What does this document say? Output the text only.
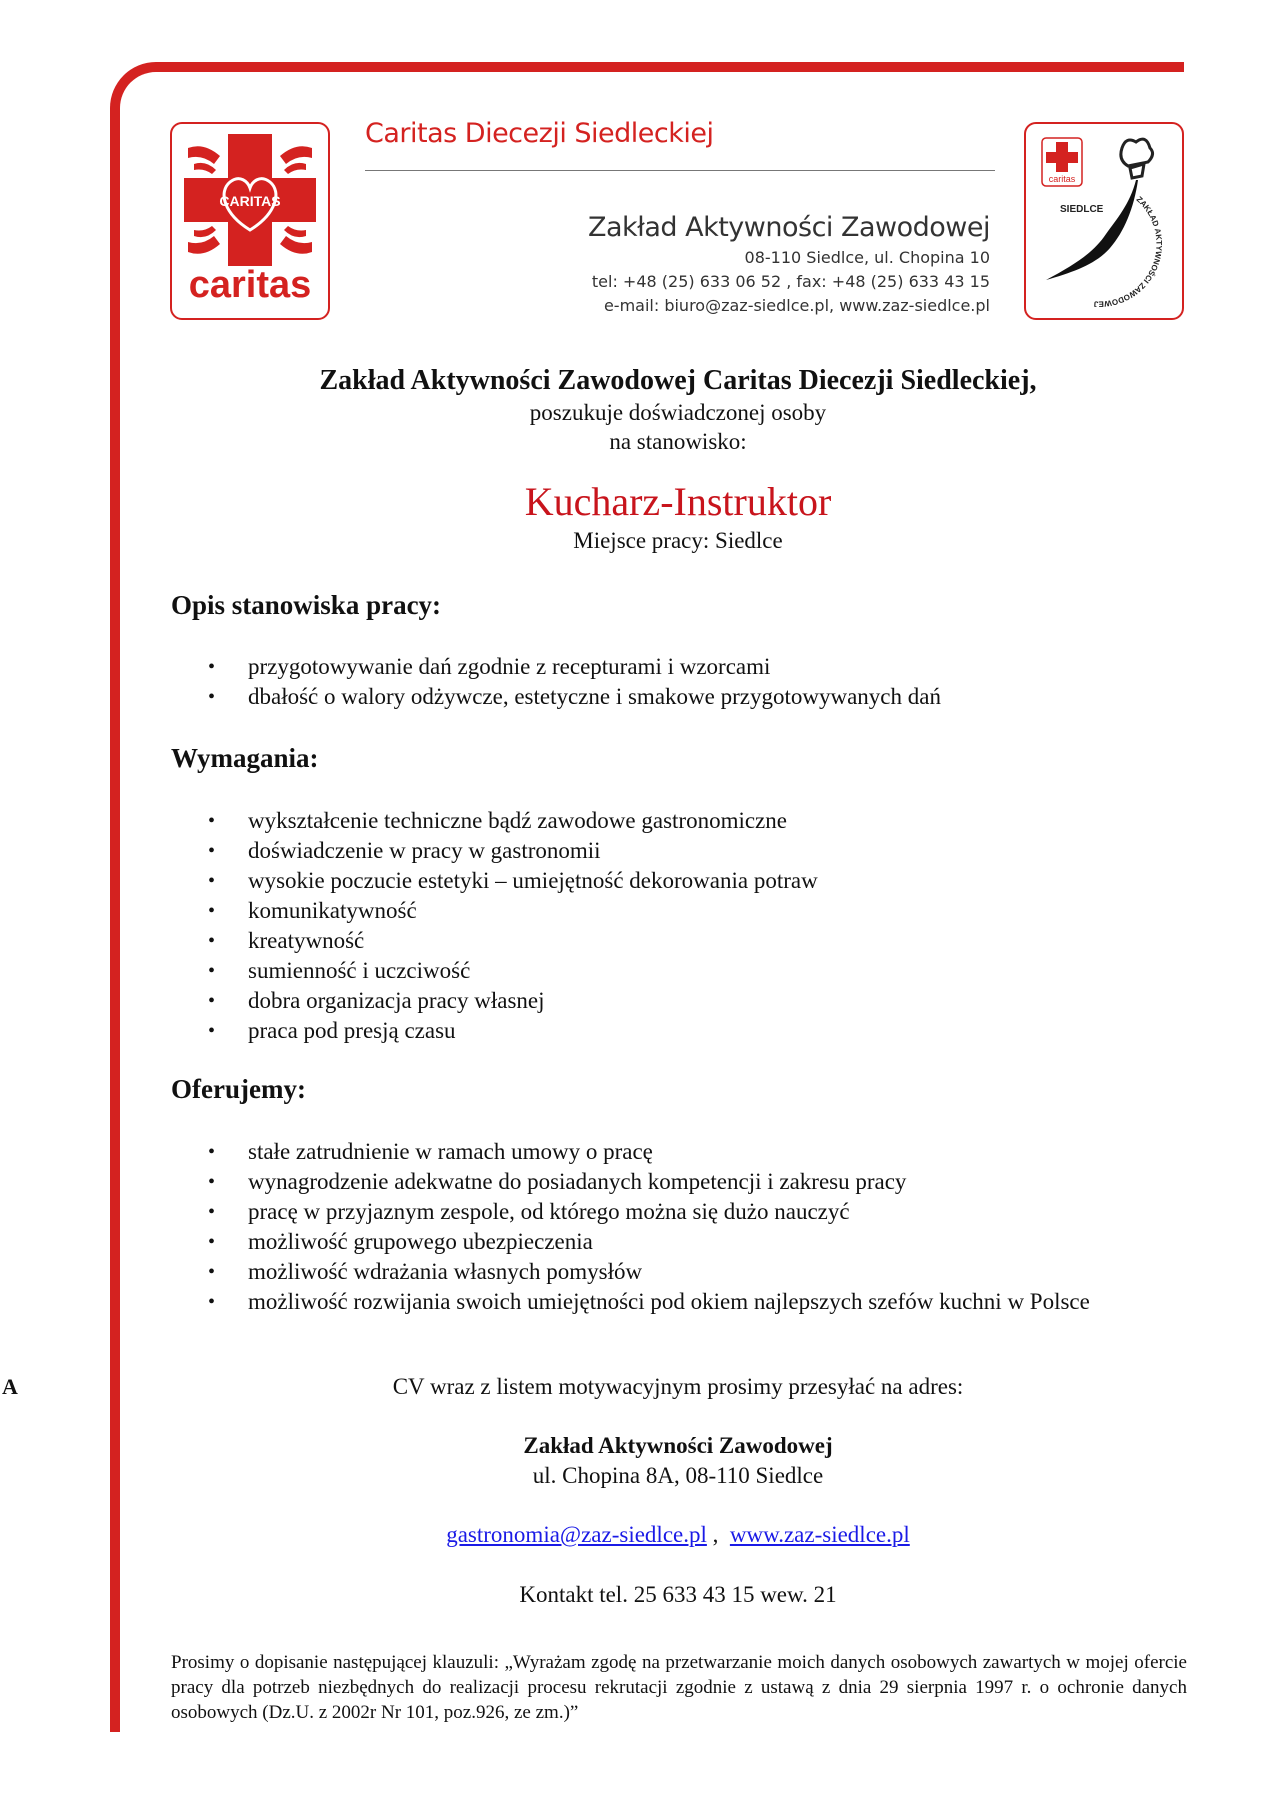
CARITAS
caritas
Caritas Diecezji Siedleckiej
Zakład Aktywności Zawodowej
08-110 Siedlce, ul. Chopina 10
tel: +48 (25) 633 06 52 , fax: +48 (25) 633 43 15
e-mail: biuro@zaz-siedlce.pl, www.zaz-siedlce.pl
caritas
SIEDLCE
ZAKŁAD AKTYWNOŚCI ZAWODOWEJ
Zakład Aktywności Zawodowej Caritas Diecezji Siedleckiej,
poszukuje doświadczonej osoby
na stanowisko:
Kucharz-Instruktor
Miejsce pracy: Siedlce
Opis stanowiska pracy:
• przygotowywanie dań zgodnie z recepturami i wzorcami
• dbałość o walory odżywcze, estetyczne i smakowe przygotowywanych dań
Wymagania:
• wykształcenie techniczne bądź zawodowe gastronomiczne
• doświadczenie w pracy w gastronomii
• wysokie poczucie estetyki – umiejętność dekorowania potraw
• komunikatywność
• kreatywność
• sumienność i uczciwość
• dobra organizacja pracy własnej
• praca pod presją czasu
Oferujemy:
• stałe zatrudnienie w ramach umowy o pracę
• wynagrodzenie adekwatne do posiadanych kompetencji i zakresu pracy
• pracę w przyjaznym zespole, od którego można się dużo nauczyć
• możliwość grupowego ubezpieczenia
• możliwość wdrażania własnych pomysłów
• możliwość rozwijania swoich umiejętności pod okiem najlepszych szefów kuchni w Polsce
A	CV wraz z listem motywacyjnym prosimy przesyłać na adres:
Zakład Aktywności Zawodowej
ul. Chopina 8A, 08-110 Siedlce
gastronomia@zaz-siedlce.pl , www.zaz-siedlce.pl
Kontakt tel. 25 633 43 15 wew. 21
Prosimy o dopisanie następującej klauzuli: „Wyrażam zgodę na przetwarzanie moich danych osobowych zawartych w mojej ofercie pracy dla potrzeb niezbędnych do realizacji procesu rekrutacji zgodnie z ustawą z dnia 29 sierpnia 1997 r. o ochronie danych osobowych (Dz.U. z 2002r Nr 101, poz.926, ze zm.)”
